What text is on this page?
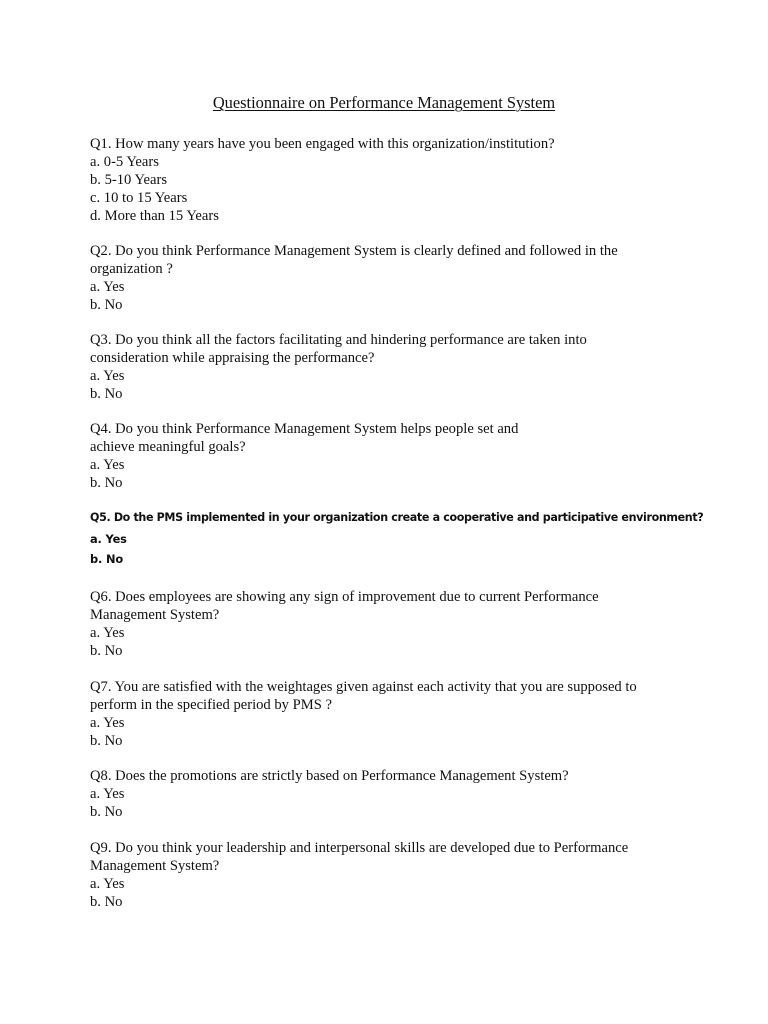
Questionnaire on Performance Management System
Q1. How many years have you been engaged with this organization/institution?
a. 0-5 Years
b. 5-10 Years
c. 10 to 15 Years
d. More than 15 Years
Q2. Do you think Performance Management System is clearly defined and followed in the
organization ?
a. Yes
b. No
Q3. Do you think all the factors facilitating and hindering performance are taken into
consideration while appraising the performance?
a. Yes
b. No
Q4. Do you think Performance Management System helps people set and
achieve meaningful goals?
a. Yes
b. No
Q5. Do the PMS implemented in your organization create a cooperative and participative environment?
a. Yes
b. No
Q6. Does employees are showing any sign of improvement due to current Performance
Management System?
a. Yes
b. No
Q7. You are satisfied with the weightages given against each activity that you are supposed to
perform in the specified period by PMS ?
a. Yes
b. No
Q8. Does the promotions are strictly based on Performance Management System?
a. Yes
b. No
Q9. Do you think your leadership and interpersonal skills are developed due to Performance
Management System?
a. Yes
b. No
